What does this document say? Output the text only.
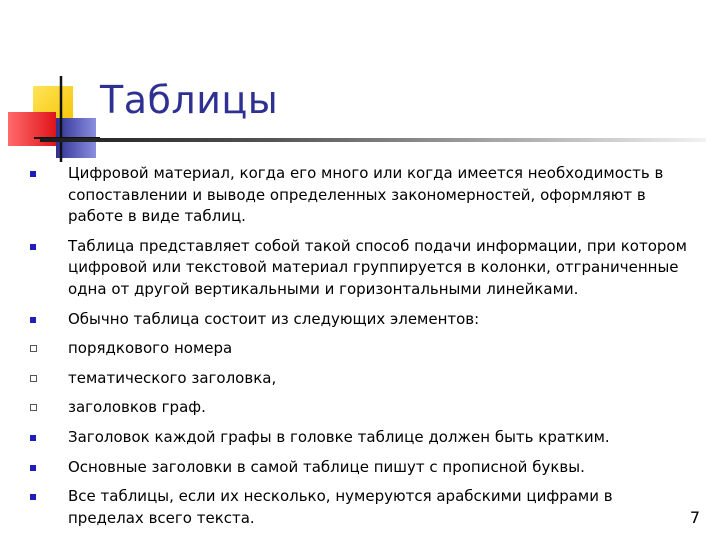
Таблицы
Цифровой материал, когда его много или когда имеется необходимость в сопоставлении и выводе определенных закономерностей, оформляют в работе в виде таблиц.
Таблица представляет собой такой способ подачи информации, при котором цифровой или текстовой материал группируется в колонки, отграниченные одна от другой вертикальными и горизонтальными линейками.
Обычно таблица состоит из следующих элементов:
порядкового номера
тематического заголовка,
заголовков граф.
Заголовок каждой графы в головке таблице должен быть кратким.
Основные заголовки в самой таблице пишут с прописной буквы.
Все таблицы, если их несколько, нумеруются арабскими цифрами в пределах всего текста.	7
